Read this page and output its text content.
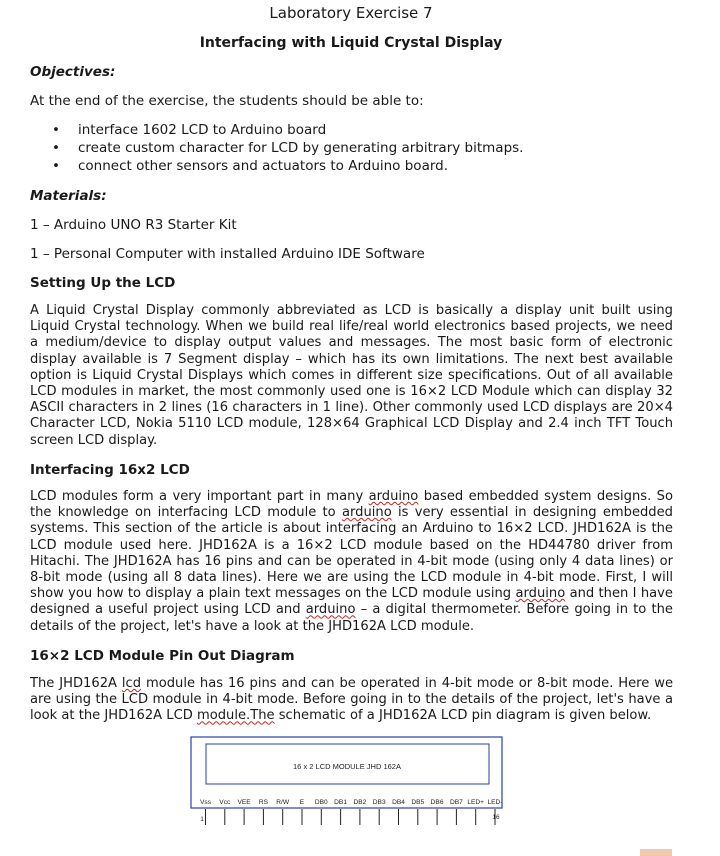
Laboratory Exercise 7
Interfacing with Liquid Crystal Display
Objectives:
At the end of the exercise, the students should be able to:
• interface 1602 LCD to Arduino board
• create custom character for LCD by generating arbitrary bitmaps.
• connect other sensors and actuators to Arduino board.
Materials:
1 – Arduino UNO R3 Starter Kit
1 – Personal Computer with installed Arduino IDE Software
Setting Up the LCD
A Liquid Crystal Display commonly abbreviated as LCD is basically a display unit built using Liquid Crystal technology. When we build real life/real world electronics based projects, we need a medium/device to display output values and messages. The most basic form of electronic display available is 7 Segment display – which has its own limitations. The next best available option is Liquid Crystal Displays which comes in different size specifications. Out of all available LCD modules in market, the most commonly used one is 16×2 LCD Module which can display 32 ASCII characters in 2 lines (16 characters in 1 line). Other commonly used LCD displays are 20×4 Character LCD, Nokia 5110 LCD module, 128×64 Graphical LCD Display and 2.4 inch TFT Touch screen LCD display.
Interfacing 16x2 LCD
LCD modules form a very important part in many arduino based embedded system designs. So the knowledge on interfacing LCD module to arduino is very essential in designing embedded systems. This section of the article is about interfacing an Arduino to 16×2 LCD. JHD162A is the LCD module used here. JHD162A is a 16×2 LCD module based on the HD44780 driver from Hitachi. The JHD162A has 16 pins and can be operated in 4-bit mode (using only 4 data lines) or 8-bit mode (using all 8 data lines). Here we are using the LCD module in 4-bit mode. First, I will show you how to display a plain text messages on the LCD module using arduino and then I have designed a useful project using LCD and arduino – a digital thermometer. Before going in to the details of the project, let's have a look at the JHD162A LCD module.
16×2 LCD Module Pin Out Diagram
The JHD162A lcd module has 16 pins and can be operated in 4-bit mode or 8-bit mode. Here we are using the LCD module in 4-bit mode. Before going in to the details of the project, let's have a look at the JHD162A LCD module.The schematic of a JHD162A LCD pin diagram is given below.
16 x 2 LCD MODULE JHD 162A
Vss Vcc VEE RS R/W E DB0 DB1 DB2 DB3 DB4 DB5 DB6 DB7 LED+ LED-
1	16
